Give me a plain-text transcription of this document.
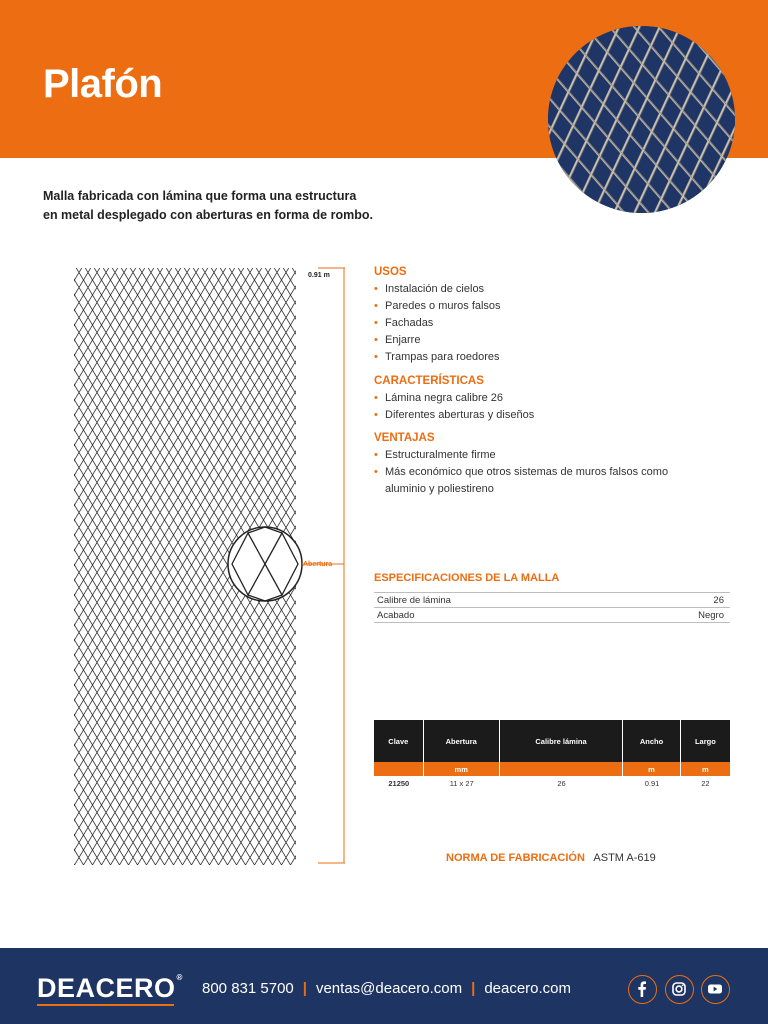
Plafón

Malla fabricada con lámina que forma una estructura en metal desplegado con aberturas en forma de rombo.

0.91 m
Abertura
USOS
• Instalación de cielos
• Paredes o muros falsos
• Fachadas
• Enjarre
• Trampas para roedores
CARACTERÍSTICAS
• Lámina negra calibre 26
• Diferentes aberturas y diseños
VENTAJAS
• Estructuralmente firme
• Más económico que otros sistemas de muros falsos como aluminio y poliestireno
ESPECIFICACIONES DE LA MALLA
Calibre de lámina	26
Acabado	Negro
Clave	Abertura	Calibre lámina	Ancho	Largo
	mm		m	m
21250	11 x 27	26	0.91	22
NORMA DE FABRICACIÓN ASTM A-619
DEACERO®
800 831 5700 | ventas@deacero.com | deacero.com
